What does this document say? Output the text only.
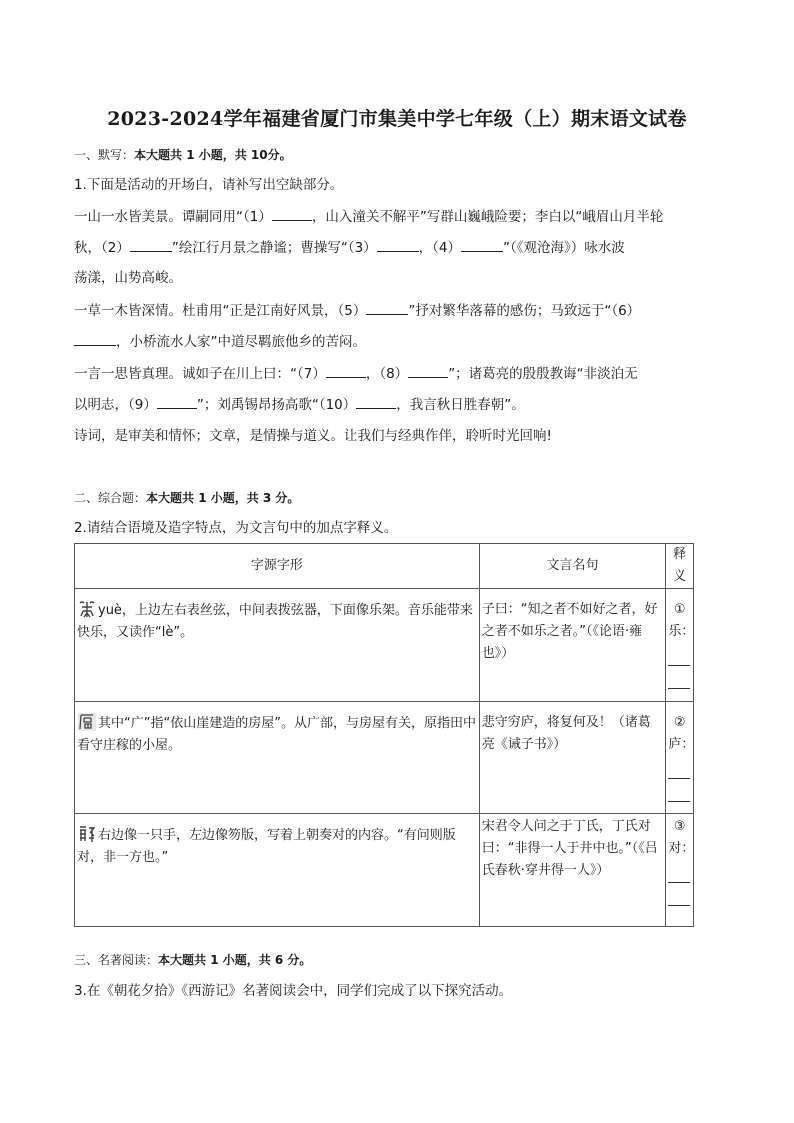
2023-2024学年福建省厦门市集美中学七年级（上）期末语文试卷
一、默写：本大题共 1 小题，共 10分。
1.下面是活动的开场白，请补写出空缺部分。
一山一水皆美景。谭嗣同用“（1）	，山入潼关不解平”写群山巍峨险要；李白以“峨眉山月半轮
秋，（2）	”绘江行月景之静谧；曹操写“（3）	，（4）	”（《观沧海》）咏水波
荡漾，山势高峻。
一草一木皆深情。杜甫用“正是江南好风景，（5）	”抒对繁华落幕的感伤；马致远于“（6）
，小桥流水人家”中道尽羁旅他乡的苦闷。
一言一思皆真理。诚如子在川上曰：“（7）	，（8）	”；诸葛亮的殷殷教诲“非淡泊无
以明志，（9）	”；刘禹锡昂扬高歌“（10）	，我言秋日胜春朝”。
诗词，是审美和情怀；文章，是情操与道义。让我们与经典作伴，聆听时光回响!
二、综合题：本大题共 1 小题，共 3 分。
2.请结合语境及造字特点，为文言句中的加点字释义。
字源字形	文言名句	释义
yuè，上边左右表丝弦，中间表拨弦器，下面像乐架。音乐能带来快乐，又读作“lè”。	子曰：“知之者不如好之者，好之者不如乐之者。”（《论语·雍也》）	①
乐：

其中“广”指“依山崖建造的房屋”。从广部，与房屋有关，原指田中看守庄稼的小屋。	悲守穷庐，将复何及！（诸葛亮《诫子书》）	②
庐：

右边像一只手，左边像笏版，写着上朝奏对的内容。“有问则版对，非一方也。”	宋君令人问之于丁氏，丁氏对曰：“非得一人于井中也。”（《吕氏春秋·穿井得一人》）	③
对：
三、名著阅读：本大题共 1 小题，共 6 分。
3.在《朝花夕拾》《西游记》名著阅读会中，同学们完成了以下探究活动。
